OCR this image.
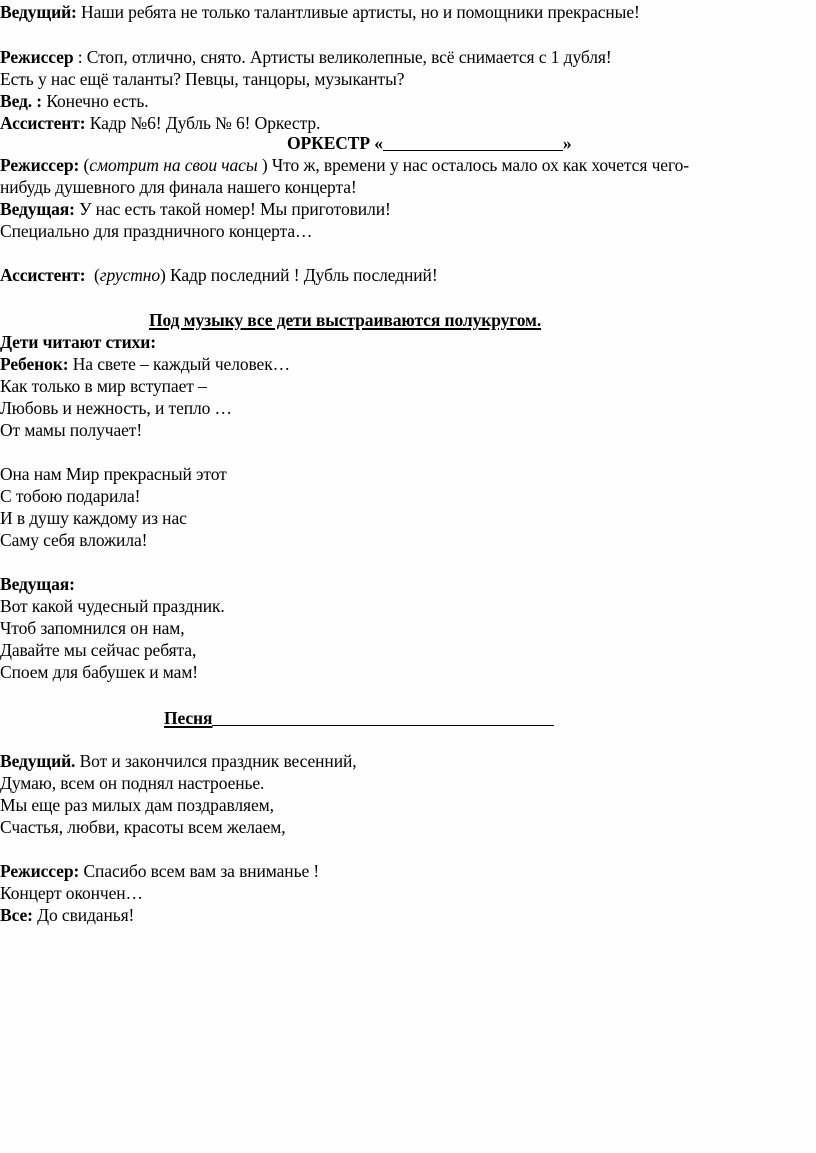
Ведущий: Наши ребята не только талантливые артисты, но и помощники прекрасные!
Режиссер : Стоп, отлично, снято. Артисты великолепные, всё снимается с 1 дубля!
Есть у нас ещё таланты? Певцы, танцоры, музыканты?
Вед. : Конечно есть.
Ассистент: Кадр №6! Дубль № 6! Оркестр.
ОРКЕСТР «	»
Режиссер: (смотрит на свои часы ) Что ж, времени у нас осталось мало ох как хочется чего-
нибудь душевного для финала нашего концерта!
Ведущая: У нас есть такой номер! Мы приготовили!
Специально для праздничного концерта…
Ассистент:  (грустно) Кадр последний ! Дубль последний!
Под музыку все дети выстраиваются полукругом.
Дети читают стихи:
Ребенок: На свете – каждый человек…
Как только в мир вступает –
Любовь и нежность, и тепло …
От мамы получает!
Она нам Мир прекрасный этот
С тобою подарила!
И в душу каждому из нас
Саму себя вложила!
Ведущая:
Вот какой чудесный праздник.
Чтоб запомнился он нам,
Давайте мы сейчас ребята,
Споем для бабушек и мам!
Песня
Ведущий. Вот и закончился праздник весенний,
Думаю, всем он поднял настроенье.
Мы еще раз милых дам поздравляем,
Счастья, любви, красоты всем желаем,
Режиссер: Спасибо всем вам за вниманье !
Концерт окончен…
Все: До свиданья!
